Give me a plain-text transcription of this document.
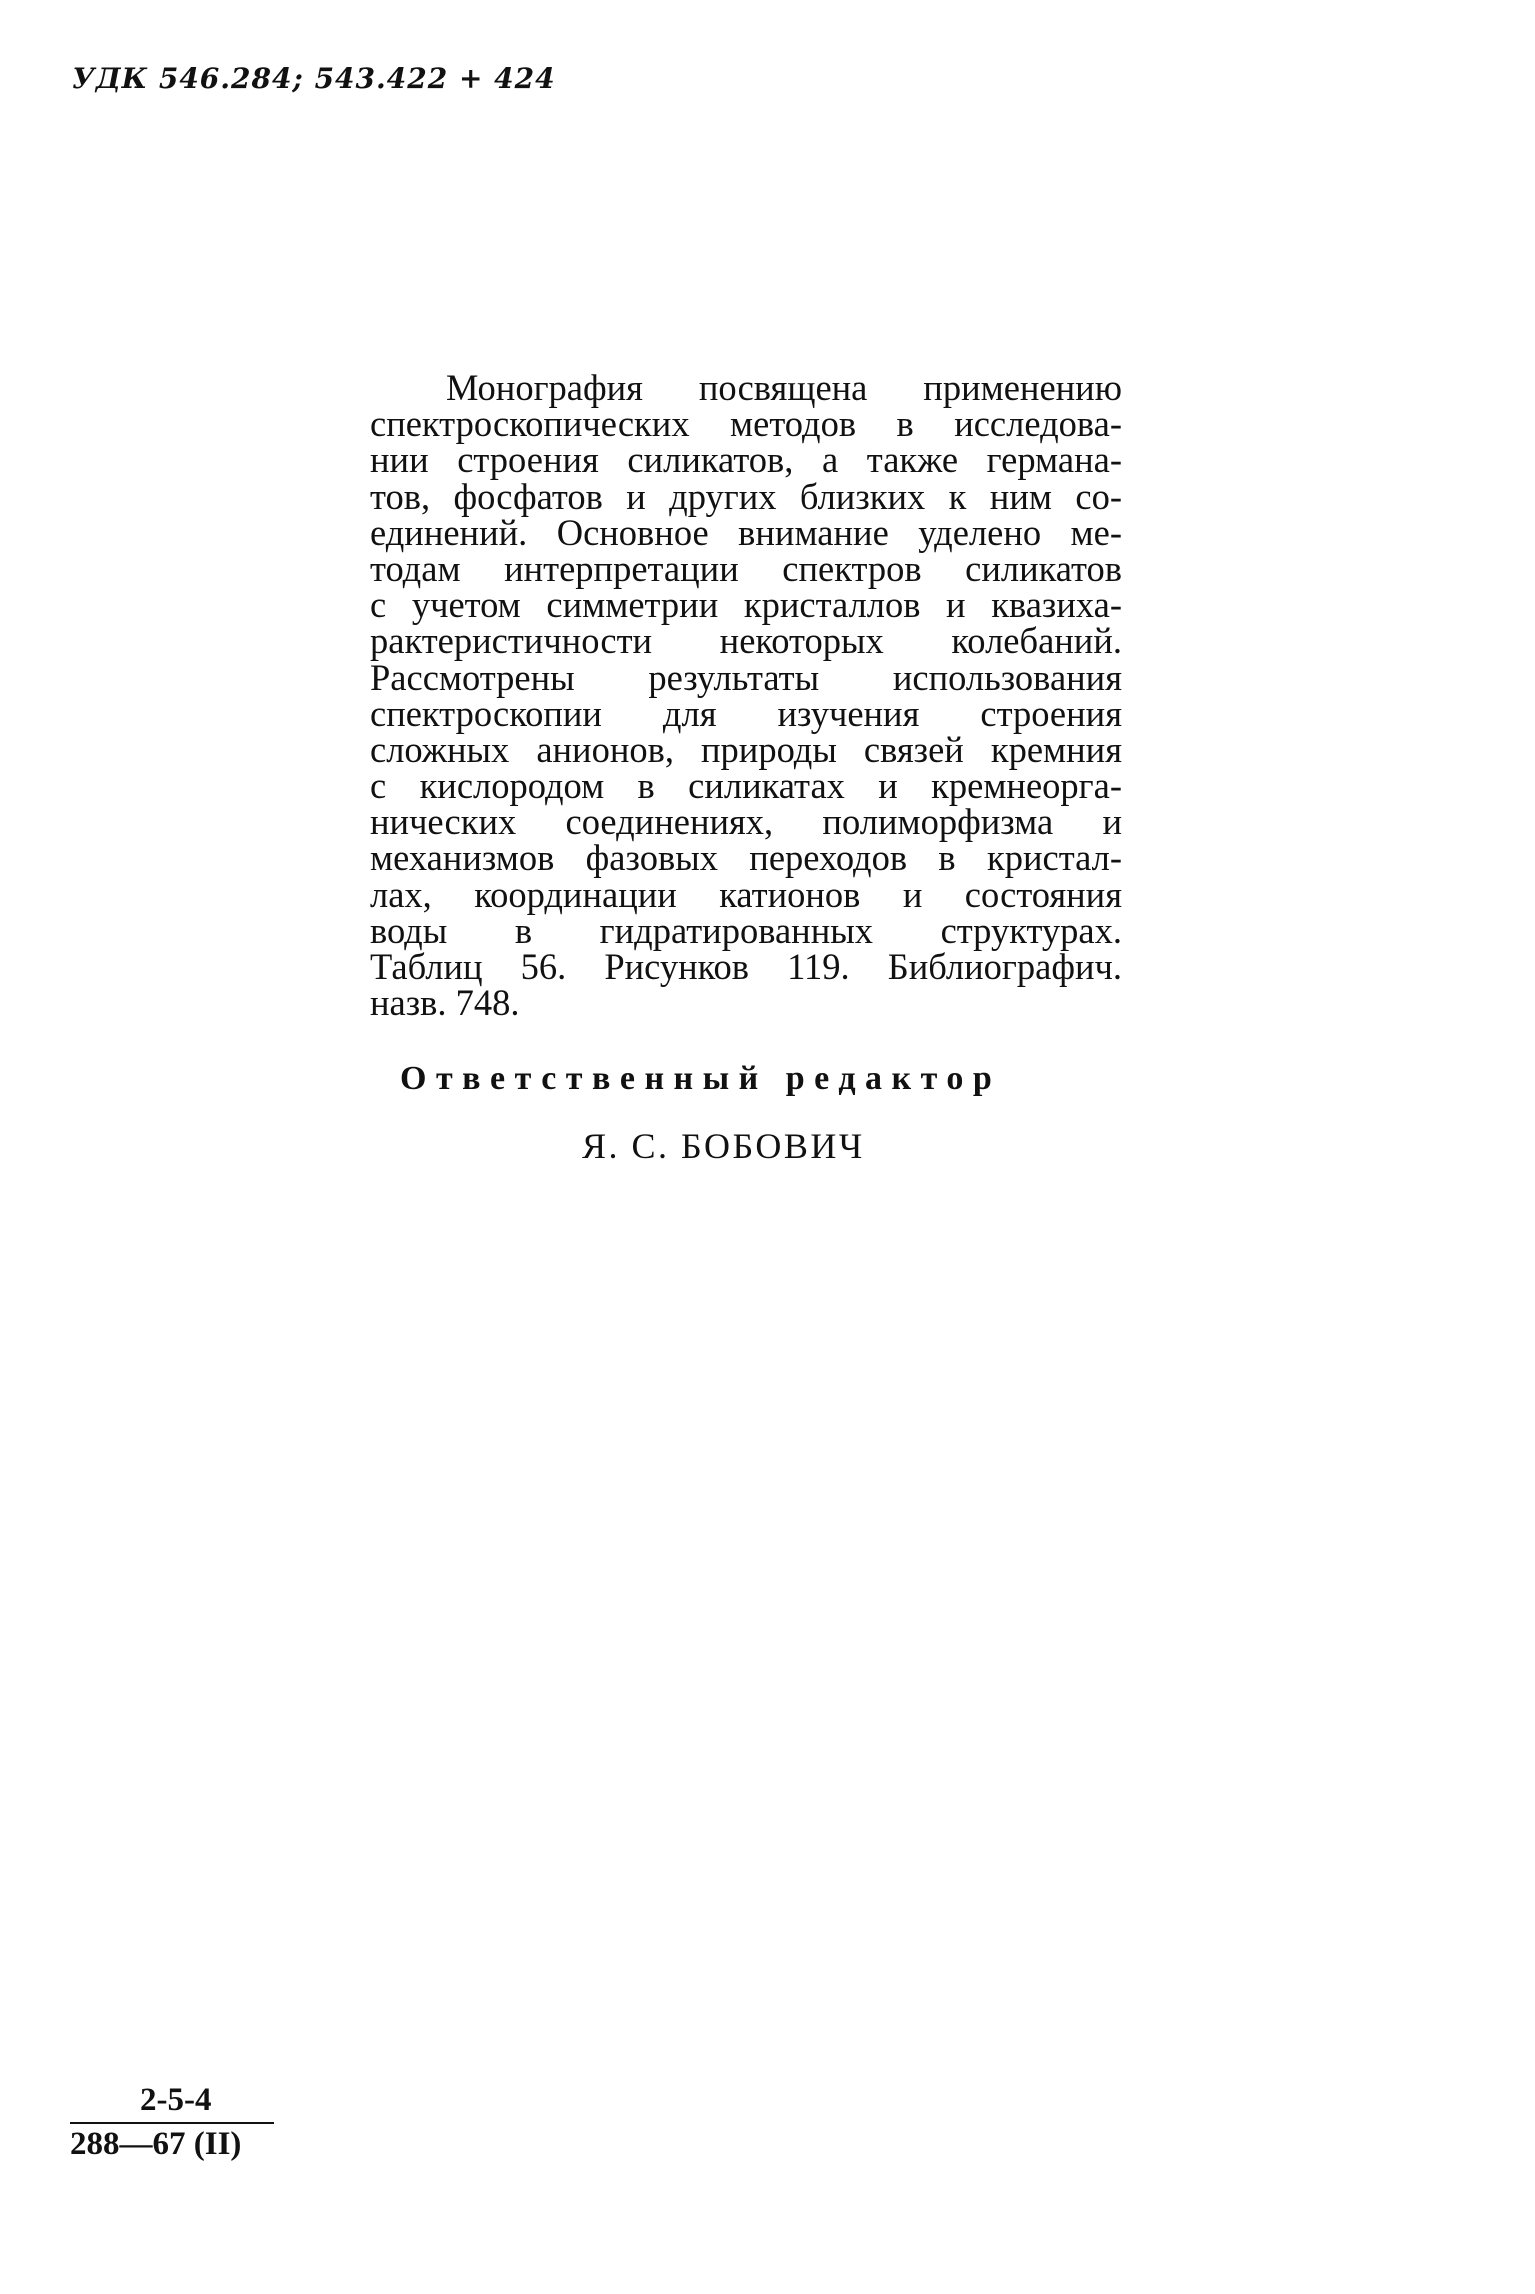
УДК 546.284; 543.422 + 424
Монография посвящена применению
спектроскопических методов в исследова-
нии строения силикатов, а также германа-
тов, фосфатов и других близких к ним со-
единений. Основное внимание уделено ме-
тодам интерпретации спектров силикатов
с учетом симметрии кристаллов и квазиха-
рактеристичности некоторых колебаний.
Рассмотрены результаты использования
спектроскопии для изучения строения
сложных анионов, природы связей кремния
с кислородом в силикатах и кремнеорга-
нических соединениях, полиморфизма и
механизмов фазовых переходов в кристал-
лах, координации катионов и состояния
воды в гидратированных структурах.
Таблиц 56. Рисунков 119. Библиографич.
назв. 748.
Ответственный редактор
Я. С. БОБОВИЧ
2-5-4
288—67 (II)
